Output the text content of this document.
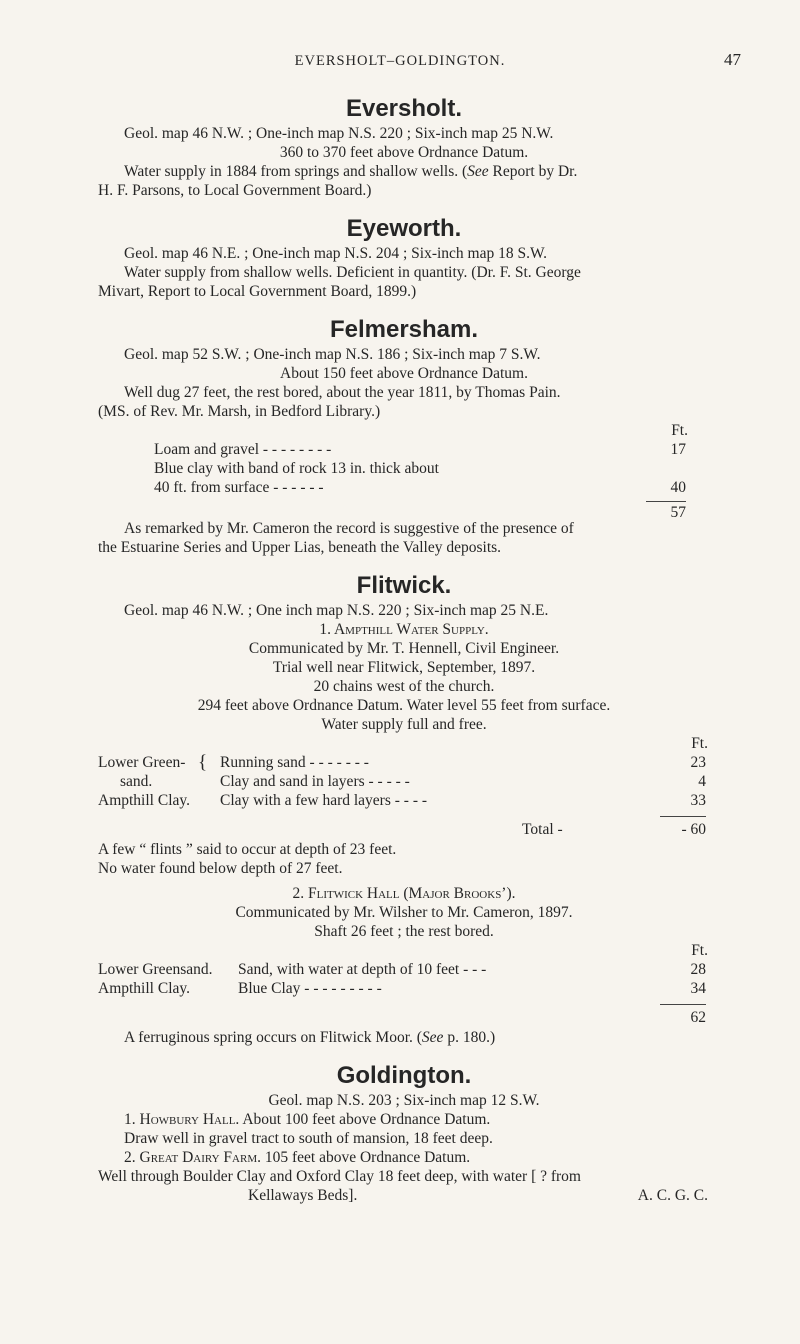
EVERSHOLT–GOLDINGTON.	47
Eversholt.

Geol. map 46 N.W. ; One-inch map N.S. 220 ; Six-inch map 25 N.W.

360 to 370 feet above Ordnance Datum.

Water supply in 1884 from springs and shallow wells. (See Report by Dr.

H. F. Parsons, to Local Government Board.)

Eyeworth.

Geol. map 46 N.E. ; One-inch map N.S. 204 ; Six-inch map 18 S.W.

Water supply from shallow wells. Deficient in quantity. (Dr. F. St. George

Mivart, Report to Local Government Board, 1899.)

Felmersham.

Geol. map 52 S.W. ; One-inch map N.S. 186 ; Six-inch map 7 S.W.

About 150 feet above Ordnance Datum.

Well dug 27 feet, the rest bored, about the year 1811, by Thomas Pain.

(MS. of Rev. Mr. Marsh, in Bedford Library.)

Ft.
Loam and gravel - - - - - - - -	17
Blue clay with band of rock 13 in. thick about
40 ft. from surface - - - - - -	40
57

As remarked by Mr. Cameron the record is suggestive of the presence of

the Estuarine Series and Upper Lias, beneath the Valley deposits.

Flitwick.

Geol. map 46 N.W. ; One inch map N.S. 220 ; Six-inch map 25 N.E.

1. Ampthill Water Supply.

Communicated by Mr. T. Hennell, Civil Engineer.

Trial well near Flitwick, September, 1897.

20 chains west of the church.

294 feet above Ordnance Datum. Water level 55 feet from surface.

Water supply full and free.

Ft.
Lower Green- { Running sand - - - - - - -	23
sand.	Clay and sand in layers - - - - -	4
Ampthill Clay. Clay with a few hard layers - - - -	33
Total -	- 60

A few “ flints ” said to occur at depth of 23 feet.

No water found below depth of 27 feet.

2. Flitwick Hall (Major Brooks’).

Communicated by Mr. Wilsher to Mr. Cameron, 1897.

Shaft 26 feet ; the rest bored.

Ft.
Lower Greensand. Sand, with water at depth of 10 feet - - -	28
Ampthill Clay.	Blue Clay - - - - - - - - -	34
62

A ferruginous spring occurs on Flitwick Moor. (See p. 180.)

Goldington.

Geol. map N.S. 203 ; Six-inch map 12 S.W.

1. Howbury Hall. About 100 feet above Ordnance Datum.

Draw well in gravel tract to south of mansion, 18 feet deep.

2. Great Dairy Farm. 105 feet above Ordnance Datum.

Well through Boulder Clay and Oxford Clay 18 feet deep, with water [ ? from

Kellaways Beds].	A. C. G. C.
